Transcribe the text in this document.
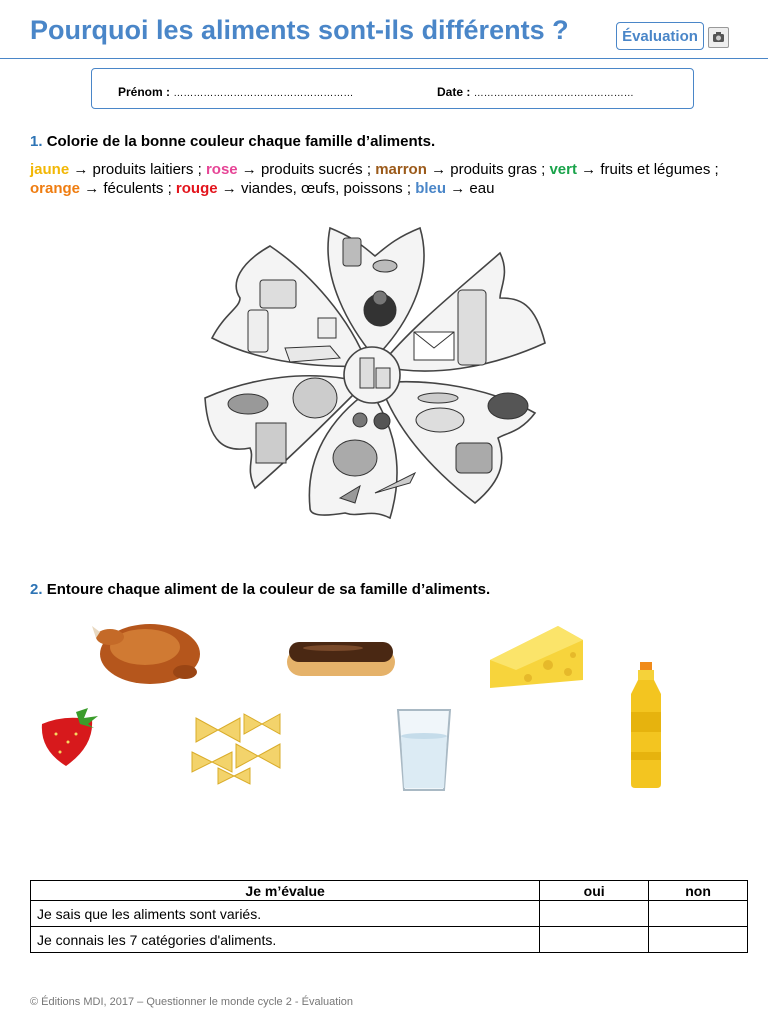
Pourquoi les aliments sont-ils différents ?	Évaluation
Prénom : ………………………………………………	Date : …………………………………………
1. Colorie de la bonne couleur chaque famille d’aliments.
jaune → produits laitiers ; rose → produits sucrés ; marron → produits gras ; vert → fruits et légumes ; orange → féculents ; rouge → viandes, œufs, poissons ; bleu → eau
2. Entoure chaque aliment de la couleur de sa famille d’aliments.
Je m’évalue	oui	non
Je sais que les aliments sont variés.		
Je connais les 7 catégories d'aliments.		
© Éditions MDI, 2017 – Questionner le monde cycle 2 - Évaluation
